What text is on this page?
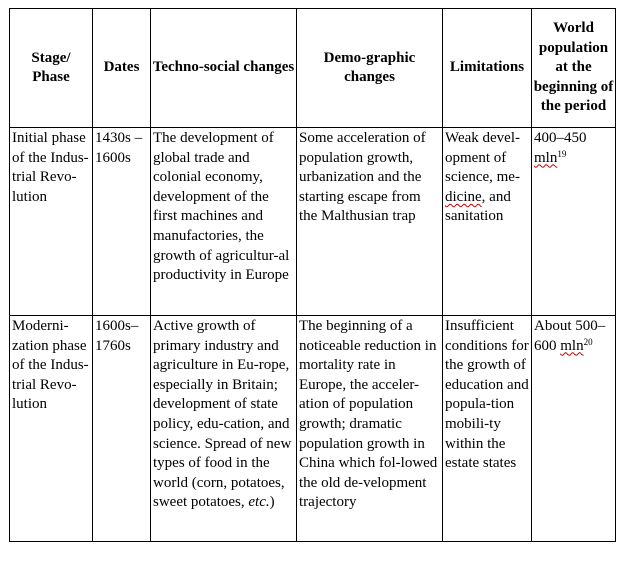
Stage/ Phase	Dates	Techno-social changes	Demo-graphic changes	Limitations	World population at the beginning of the period
Initial phase of the Indus-trial Revo-lution	1430s – 1600s	The development of global trade and colonial economy, development of the first machines and manufactories, the growth of agricultur-al productivity in Europe	Some acceleration of population growth, urbanization and the starting escape from the Malthusian trap	Weak devel-opment of science, me-dicine, and sanitation	400–450 mln$^{19}$
Moderni-zation phase of the Indus-trial Revo-lution	1600s– 1760s	Active growth of primary industry and agriculture in Eu-rope, especially in Britain; development of state policy, edu-cation, and science. Spread of new types of food in the world (corn, potatoes, sweet potatoes, etc.)	The beginning of a noticeable reduction in mortality rate in Europe, the acceler-ation of population growth; dramatic population growth in China which fol-lowed the old de-velopment trajectory	Insufficient conditions for the growth of education and popula-tion mobili-ty within the estate states	About 500–600 mln$^{20}$
